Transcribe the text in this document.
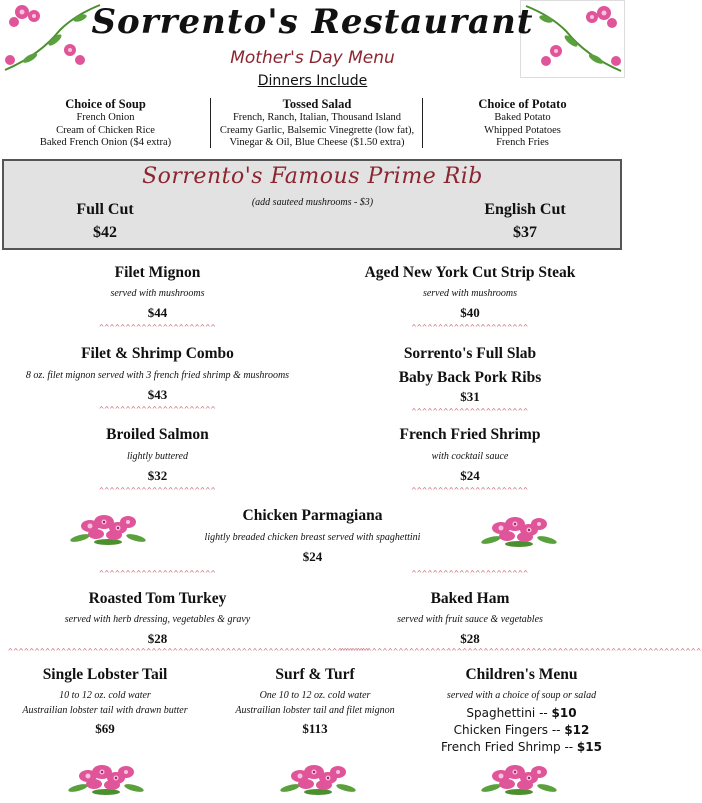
Sorrento's Restaurant
Mother's Day Menu
Dinners Include
Choice of Soup
French Onion
Cream of Chicken Rice
Baked French Onion ($4 extra)
Tossed Salad
French, Ranch, Italian, Thousand Island
Creamy Garlic, Balsemic Vinegrette (low fat),
Vinegar & Oil, Blue Cheese ($1.50 extra)
Choice of Potato
Baked Potato
Whipped Potatoes
French Fries
Sorrento's Famous Prime Rib
(add sauteed mushrooms - $3)
Full Cut
$42
English Cut
$37
Filet Mignon
served with mushrooms
$44
^^^^^^^^^^^^^^^^^^^^^^
Aged New York Cut Strip Steak
served with mushrooms
$40
^^^^^^^^^^^^^^^^^^^^^^
Filet & Shrimp Combo
8 oz. filet mignon served with 3 french fried shrimp & mushrooms
$43
^^^^^^^^^^^^^^^^^^^^^^
Sorrento's Full Slab
Baby Back Pork Ribs
$31
^^^^^^^^^^^^^^^^^^^^^^
Broiled Salmon
lightly buttered
$32
^^^^^^^^^^^^^^^^^^^^^^
French Fried Shrimp
with cocktail sauce
$24
^^^^^^^^^^^^^^^^^^^^^^
Chicken Parmagiana
lightly breaded chicken breast served with spaghettini
$24
^^^^^^^^^^^^^^^^^^^^^^	^^^^^^^^^^^^^^^^^^^^^^
Roasted Tom Turkey
served with herb dressing, vegetables & gravy
$28
Baked Ham
served with fruit sauce & vegetables
$28
^^^^^^^^^^^^^^^^^^^^^^^^^^^^^^^^^^^^^^^^^^^^^^^^^^^^^^^^^^^^^^^^^^^^
^^^^^^^^^^^^^^^^^^^^^^^^^^^^^^^^^^^^^^^^^^^^^^^^^^^^^^^^^^^^^^^^^^^^
Single Lobster Tail
10 to 12 oz. cold water
Austrailian lobster tail with drawn butter
$69
Surf & Turf
One 10 to 12 oz. cold water
Austrailian lobster tail and filet mignon
$113
Children's Menu
served with a choice of soup or salad
Spaghettini -- $10
Chicken Fingers -- $12
French Fried Shrimp -- $15
